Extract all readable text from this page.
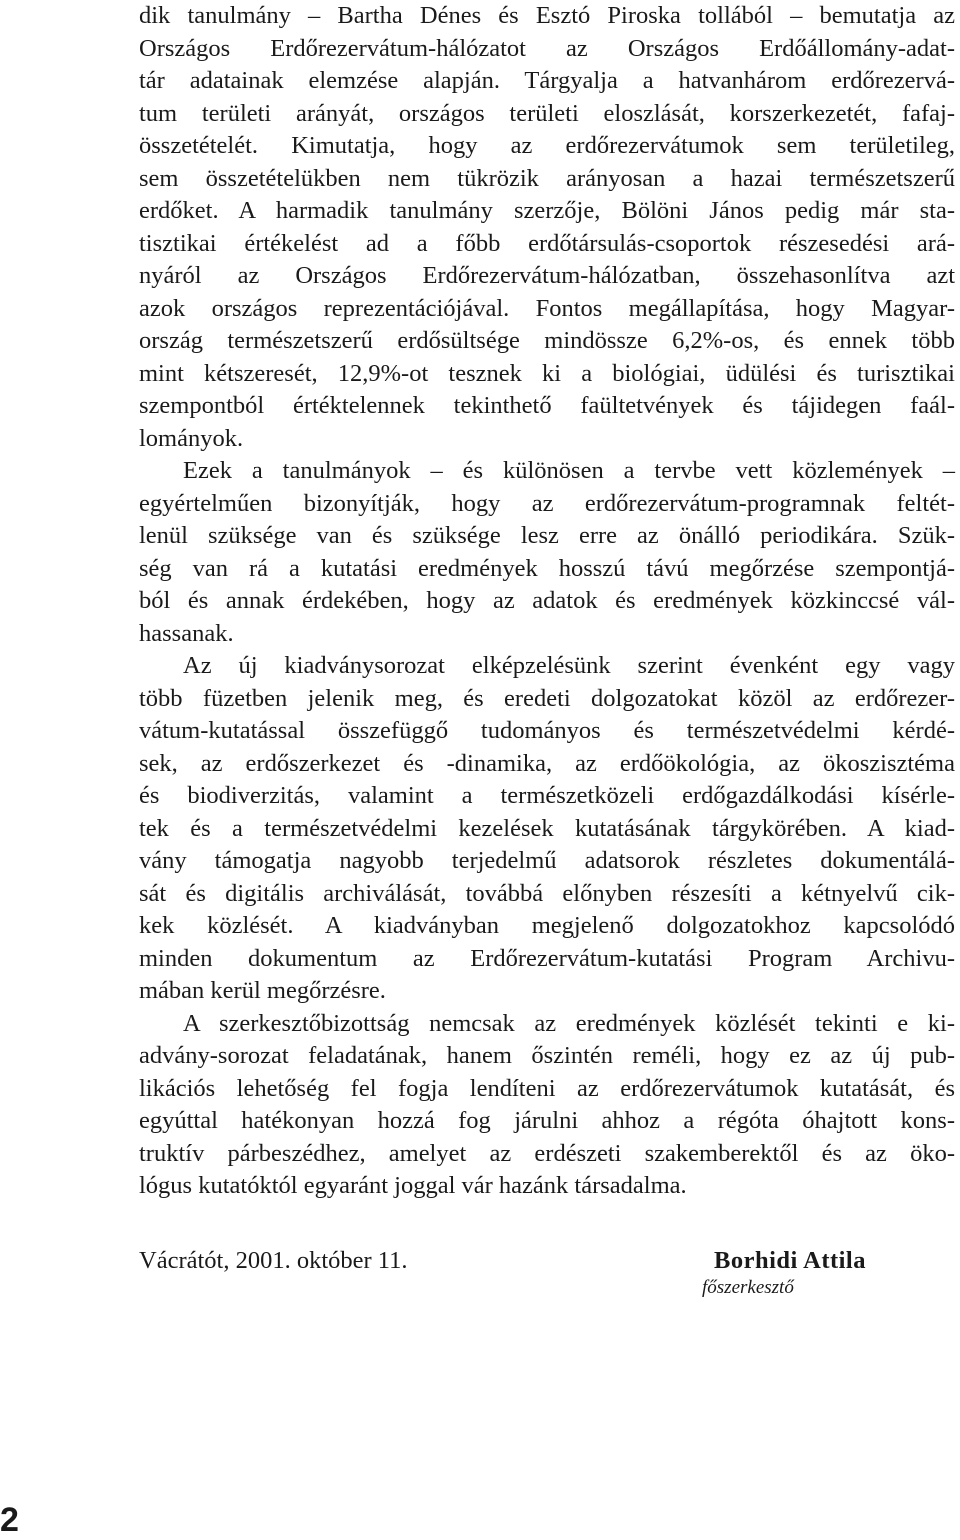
dik tanulmány – Bartha Dénes és Esztó Piroska tollából – bemutatja az
Országos Erdőrezervátum-hálózatot az Országos Erdőállomány-adat-
tár adatainak elemzése alapján. Tárgyalja a hatvanhárom erdőrezervá-
tum területi arányát, országos területi eloszlását, korszerkezetét, fafaj-
összetételét. Kimutatja, hogy az erdőrezervátumok sem területileg,
sem összetételükben nem tükrözik arányosan a hazai természetszerű
erdőket. A harmadik tanulmány szerzője, Bölöni János pedig már sta-
tisztikai értékelést ad a főbb erdőtársulás-csoportok részesedési ará-
nyáról az Országos Erdőrezervátum-hálózatban, összehasonlítva azt
azok országos reprezentációjával. Fontos megállapítása, hogy Magyar-
ország természetszerű erdősültsége mindössze 6,2%-os, és ennek több
mint kétszeresét, 12,9%-ot tesznek ki a biológiai, üdülési és turisztikai
szempontból értéktelennek tekinthető faültetvények és tájidegen faál-
lományok.
Ezek a tanulmányok – és különösen a tervbe vett közlemények –
egyértelműen bizonyítják, hogy az erdőrezervátum-programnak feltét-
lenül szüksége van és szüksége lesz erre az önálló periodikára. Szük-
ség van rá a kutatási eredmények hosszú távú megőrzése szempontjá-
ból és annak érdekében, hogy az adatok és eredmények közkinccsé vál-
hassanak.
Az új kiadványsorozat elképzelésünk szerint évenként egy vagy
több füzetben jelenik meg, és eredeti dolgozatokat közöl az erdőrezer-
vátum-kutatással összefüggő tudományos és természetvédelmi kérdé-
sek, az erdőszerkezet és -dinamika, az erdőökológia, az ökoszisztéma
és biodiverzitás, valamint a természetközeli erdőgazdálkodási kísérle-
tek és a természetvédelmi kezelések kutatásának tárgykörében. A kiad-
vány támogatja nagyobb terjedelmű adatsorok részletes dokumentálá-
sát és digitális archiválását, továbbá előnyben részesíti a kétnyelvű cik-
kek közlését. A kiadványban megjelenő dolgozatokhoz kapcsolódó
minden dokumentum az Erdőrezervátum-kutatási Program Archivu-
mában kerül megőrzésre.
A szerkesztőbizottság nemcsak az eredmények közlését tekinti e ki-
advány-sorozat feladatának, hanem őszintén reméli, hogy ez az új pub-
likációs lehetőség fel fogja lendíteni az erdőrezervátumok kutatását, és
egyúttal hatékonyan hozzá fog járulni ahhoz a régóta óhajtott kons-
truktív párbeszédhez, amelyet az erdészeti szakemberektől és az öko-
lógus kutatóktól egyaránt joggal vár hazánk társadalma.
Vácrátót, 2001. október 11.	Borhidi Attila
főszerkesztő
2
